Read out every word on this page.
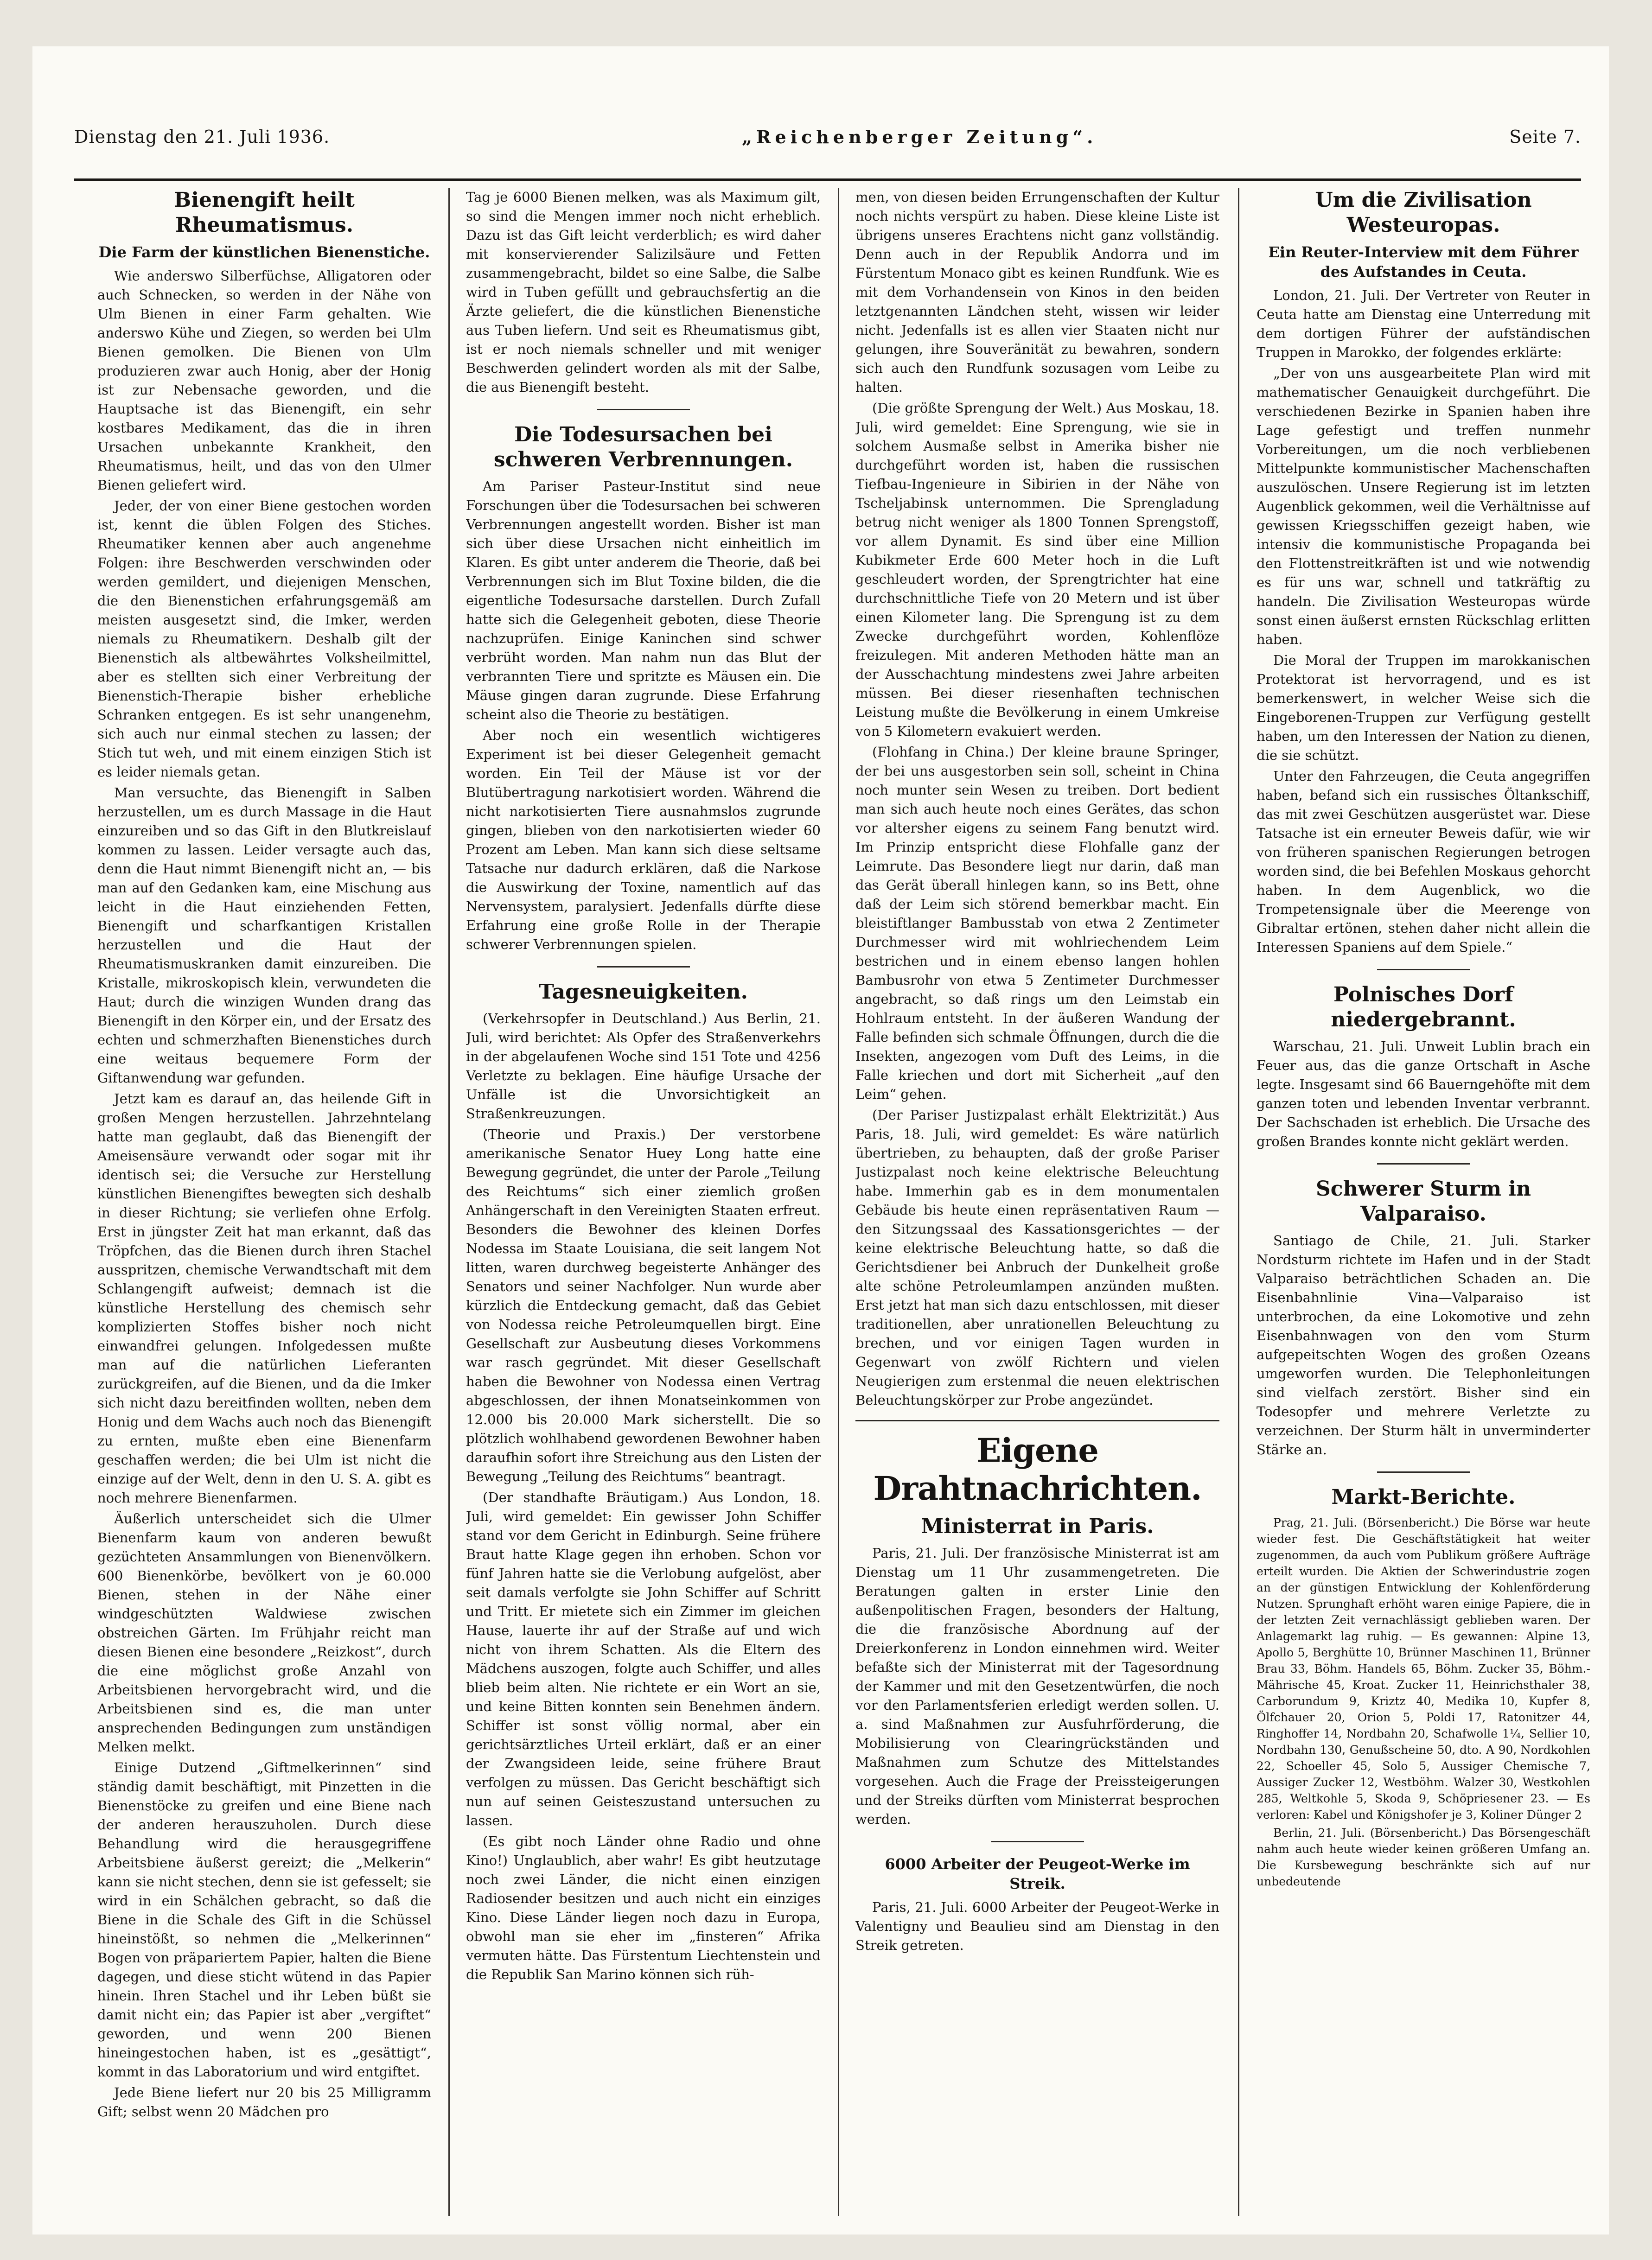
Dienstag den 21. Juli 1936.	„Reichenberger Zeitung“.	Seite 7.
Bienengift heilt Rheumatismus.
Die Farm der künstlichen Bienenstiche.

Wie anderswo Silberfüchse, Alligatoren oder auch Schnecken, so werden in der Nähe von Ulm Bienen in einer Farm gehalten. Wie anderswo Kühe und Ziegen, so werden bei Ulm Bienen gemolken. Die Bienen von Ulm produzieren zwar auch Honig, aber der Honig ist zur Nebensache geworden, und die Hauptsache ist das Bienengift, ein sehr kostbares Medikament, das die in ihren Ursachen unbekannte Krankheit, den Rheumatismus, heilt, und das von den Ulmer Bienen geliefert wird.

Jeder, der von einer Biene gestochen worden ist, kennt die üblen Folgen des Stiches. Rheumatiker kennen aber auch angenehme Folgen: ihre Beschwerden verschwinden oder werden gemildert, und diejenigen Menschen, die den Bienenstichen erfahrungsgemäß am meisten ausgesetzt sind, die Imker, werden niemals zu Rheumatikern. Deshalb gilt der Bienenstich als altbewährtes Volksheilmittel, aber es stellten sich einer Verbreitung der Bienenstich-Therapie bisher erhebliche Schranken entgegen. Es ist sehr unangenehm, sich auch nur einmal stechen zu lassen; der Stich tut weh, und mit einem einzigen Stich ist es leider niemals getan.

Man versuchte, das Bienengift in Salben herzustellen, um es durch Massage in die Haut einzureiben und so das Gift in den Blutkreislauf kommen zu lassen. Leider versagte auch das, denn die Haut nimmt Bienengift nicht an, — bis man auf den Gedanken kam, eine Mischung aus leicht in die Haut einziehenden Fetten, Bienengift und scharfkantigen Kristallen herzustellen und die Haut der Rheumatismuskranken damit einzureiben. Die Kristalle, mikroskopisch klein, verwundeten die Haut; durch die winzigen Wunden drang das Bienengift in den Körper ein, und der Ersatz des echten und schmerzhaften Bienenstiches durch eine weitaus bequemere Form der Giftanwendung war gefunden.

Jetzt kam es darauf an, das heilende Gift in großen Mengen herzustellen. Jahrzehntelang hatte man geglaubt, daß das Bienengift der Ameisensäure verwandt oder sogar mit ihr identisch sei; die Versuche zur Herstellung künstlichen Bienengiftes bewegten sich deshalb in dieser Richtung; sie verliefen ohne Erfolg. Erst in jüngster Zeit hat man erkannt, daß das Tröpfchen, das die Bienen durch ihren Stachel ausspritzen, chemische Verwandtschaft mit dem Schlangengift aufweist; demnach ist die künstliche Herstellung des chemisch sehr komplizierten Stoffes bisher noch nicht einwandfrei gelungen. Infolgedessen mußte man auf die natürlichen Lieferanten zurückgreifen, auf die Bienen, und da die Imker sich nicht dazu bereitfinden wollten, neben dem Honig und dem Wachs auch noch das Bienengift zu ernten, mußte eben eine Bienenfarm geschaffen werden; die bei Ulm ist nicht die einzige auf der Welt, denn in den U. S. A. gibt es noch mehrere Bienenfarmen.

Äußerlich unterscheidet sich die Ulmer Bienenfarm kaum von anderen bewußt gezüchteten Ansammlungen von Bienenvölkern. 600 Bienenkörbe, bevölkert von je 60.000 Bienen, stehen in der Nähe einer windgeschützten Waldwiese zwischen obstreichen Gärten. Im Frühjahr reicht man diesen Bienen eine besondere „Reizkost“, durch die eine möglichst große Anzahl von Arbeitsbienen hervorgebracht wird, und die Arbeitsbienen sind es, die man unter ansprechenden Bedingungen zum unständigen Melken melkt.

Einige Dutzend „Giftmelkerinnen“ sind ständig damit beschäftigt, mit Pinzetten in die Bienenstöcke zu greifen und eine Biene nach der anderen herauszuholen. Durch diese Behandlung wird die herausgegriffene Arbeitsbiene äußerst gereizt; die „Melkerin“ kann sie nicht stechen, denn sie ist gefesselt; sie wird in ein Schälchen gebracht, so daß die Biene in die Schale des Gift in die Schüssel hineinstößt, so nehmen die „Melkerinnen“ Bogen von präpariertem Papier, halten die Biene dagegen, und diese sticht wütend in das Papier hinein. Ihren Stachel und ihr Leben büßt sie damit nicht ein; das Papier ist aber „vergiftet“ geworden, und wenn 200 Bienen hineingestochen haben, ist es „gesättigt“, kommt in das Laboratorium und wird entgiftet.

Jede Biene liefert nur 20 bis 25 Milligramm Gift; selbst wenn 20 Mädchen pro

Tag je 6000 Bienen melken, was als Maximum gilt, so sind die Mengen immer noch nicht erheblich. Dazu ist das Gift leicht verderblich; es wird daher mit konservierender Salizilsäure und Fetten zusammengebracht, bildet so eine Salbe, die Salbe wird in Tuben gefüllt und gebrauchsfertig an die Ärzte geliefert, die die künstlichen Bienenstiche aus Tuben liefern. Und seit es Rheumatismus gibt, ist er noch niemals schneller und mit weniger Beschwerden gelindert worden als mit der Salbe, die aus Bienengift besteht.

Die Todesursachen bei schweren Verbrennungen.

Am Pariser Pasteur-Institut sind neue Forschungen über die Todesursachen bei schweren Verbrennungen angestellt worden. Bisher ist man sich über diese Ursachen nicht einheitlich im Klaren. Es gibt unter anderem die Theorie, daß bei Verbrennungen sich im Blut Toxine bilden, die die eigentliche Todesursache darstellen. Durch Zufall hatte sich die Gelegenheit geboten, diese Theorie nachzuprüfen. Einige Kaninchen sind schwer verbrüht worden. Man nahm nun das Blut der verbrannten Tiere und spritzte es Mäusen ein. Die Mäuse gingen daran zugrunde. Diese Erfahrung scheint also die Theorie zu bestätigen.

Aber noch ein wesentlich wichtigeres Experiment ist bei dieser Gelegenheit gemacht worden. Ein Teil der Mäuse ist vor der Blutübertragung narkotisiert worden. Während die nicht narkotisierten Tiere ausnahmslos zugrunde gingen, blieben von den narkotisierten wieder 60 Prozent am Leben. Man kann sich diese seltsame Tatsache nur dadurch erklären, daß die Narkose die Auswirkung der Toxine, namentlich auf das Nervensystem, paralysiert. Jedenfalls dürfte diese Erfahrung eine große Rolle in der Therapie schwerer Verbrennungen spielen.

Tagesneuigkeiten.

(Verkehrsopfer in Deutschland.) Aus Berlin, 21. Juli, wird berichtet: Als Opfer des Straßenverkehrs in der abgelaufenen Woche sind 151 Tote und 4256 Verletzte zu beklagen. Eine häufige Ursache der Unfälle ist die Unvorsichtigkeit an Straßenkreuzungen.

(Theorie und Praxis.) Der verstorbene amerikanische Senator Huey Long hatte eine Bewegung gegründet, die unter der Parole „Teilung des Reichtums“ sich einer ziemlich großen Anhängerschaft in den Vereinigten Staaten erfreut. Besonders die Bewohner des kleinen Dorfes Nodessa im Staate Louisiana, die seit langem Not litten, waren durchweg begeisterte Anhänger des Senators und seiner Nachfolger. Nun wurde aber kürzlich die Entdeckung gemacht, daß das Gebiet von Nodessa reiche Petroleumquellen birgt. Eine Gesellschaft zur Ausbeutung dieses Vorkommens war rasch gegründet. Mit dieser Gesellschaft haben die Bewohner von Nodessa einen Vertrag abgeschlossen, der ihnen Monatseinkommen von 12.000 bis 20.000 Mark sicherstellt. Die so plötzlich wohlhabend gewordenen Bewohner haben daraufhin sofort ihre Streichung aus den Listen der Bewegung „Teilung des Reichtums“ beantragt.

(Der standhafte Bräutigam.) Aus London, 18. Juli, wird gemeldet: Ein gewisser John Schiffer stand vor dem Gericht in Edinburgh. Seine frühere Braut hatte Klage gegen ihn erhoben. Schon vor fünf Jahren hatte sie die Verlobung aufgelöst, aber seit damals verfolgte sie John Schiffer auf Schritt und Tritt. Er mietete sich ein Zimmer im gleichen Hause, lauerte ihr auf der Straße auf und wich nicht von ihrem Schatten. Als die Eltern des Mädchens auszogen, folgte auch Schiffer, und alles blieb beim alten. Nie richtete er ein Wort an sie, und keine Bitten konnten sein Benehmen ändern. Schiffer ist sonst völlig normal, aber ein gerichtsärztliches Urteil erklärt, daß er an einer der Zwangsideen leide, seine frühere Braut verfolgen zu müssen. Das Gericht beschäftigt sich nun auf seinen Geisteszustand untersuchen zu lassen.

(Es gibt noch Länder ohne Radio und ohne Kino!) Unglaublich, aber wahr! Es gibt heutzutage noch zwei Länder, die nicht einen einzigen Radiosender besitzen und auch nicht ein einziges Kino. Diese Länder liegen noch dazu in Europa, obwohl man sie eher im „finsteren“ Afrika vermuten hätte. Das Fürstentum Liechtenstein und die Republik San Marino können sich rüh-

men, von diesen beiden Errungenschaften der Kultur noch nichts verspürt zu haben. Diese kleine Liste ist übrigens unseres Erachtens nicht ganz vollständig. Denn auch in der Republik Andorra und im Fürstentum Monaco gibt es keinen Rundfunk. Wie es mit dem Vorhandensein von Kinos in den beiden letztgenannten Ländchen steht, wissen wir leider nicht. Jedenfalls ist es allen vier Staaten nicht nur gelungen, ihre Souveränität zu bewahren, sondern sich auch den Rundfunk sozusagen vom Leibe zu halten.

(Die größte Sprengung der Welt.) Aus Moskau, 18. Juli, wird gemeldet: Eine Sprengung, wie sie in solchem Ausmaße selbst in Amerika bisher nie durchgeführt worden ist, haben die russischen Tiefbau-Ingenieure in Sibirien in der Nähe von Tscheljabinsk unternommen. Die Sprengladung betrug nicht weniger als 1800 Tonnen Sprengstoff, vor allem Dynamit. Es sind über eine Million Kubikmeter Erde 600 Meter hoch in die Luft geschleudert worden, der Sprengtrichter hat eine durchschnittliche Tiefe von 20 Metern und ist über einen Kilometer lang. Die Sprengung ist zu dem Zwecke durchgeführt worden, Kohlenflöze freizulegen. Mit anderen Methoden hätte man an der Ausschachtung mindestens zwei Jahre arbeiten müssen. Bei dieser riesenhaften technischen Leistung mußte die Bevölkerung in einem Umkreise von 5 Kilometern evakuiert werden.

(Flohfang in China.) Der kleine braune Springer, der bei uns ausgestorben sein soll, scheint in China noch munter sein Wesen zu treiben. Dort bedient man sich auch heute noch eines Gerätes, das schon vor altersher eigens zu seinem Fang benutzt wird. Im Prinzip entspricht diese Flohfalle ganz der Leimrute. Das Besondere liegt nur darin, daß man das Gerät überall hinlegen kann, so ins Bett, ohne daß der Leim sich störend bemerkbar macht. Ein bleistiftlanger Bambusstab von etwa 2 Zentimeter Durchmesser wird mit wohlriechendem Leim bestrichen und in einem ebenso langen hohlen Bambusrohr von etwa 5 Zentimeter Durchmesser angebracht, so daß rings um den Leimstab ein Hohlraum entsteht. In der äußeren Wandung der Falle befinden sich schmale Öffnungen, durch die die Insekten, angezogen vom Duft des Leims, in die Falle kriechen und dort mit Sicherheit „auf den Leim“ gehen.

(Der Pariser Justizpalast erhält Elektrizität.) Aus Paris, 18. Juli, wird gemeldet: Es wäre natürlich übertrieben, zu behaupten, daß der große Pariser Justizpalast noch keine elektrische Beleuchtung habe. Immerhin gab es in dem monumentalen Gebäude bis heute einen repräsentativen Raum — den Sitzungssaal des Kassationsgerichtes — der keine elektrische Beleuchtung hatte, so daß die Gerichtsdiener bei Anbruch der Dunkelheit große alte schöne Petroleumlampen anzünden mußten. Erst jetzt hat man sich dazu entschlossen, mit dieser traditionellen, aber unrationellen Beleuchtung zu brechen, und vor einigen Tagen wurden in Gegenwart von zwölf Richtern und vielen Neugierigen zum erstenmal die neuen elektrischen Beleuchtungskörper zur Probe angezündet.

Eigene Drahtnachrichten.
Ministerrat in Paris.

Paris, 21. Juli. Der französische Ministerrat ist am Dienstag um 11 Uhr zusammengetreten. Die Beratungen galten in erster Linie den außenpolitischen Fragen, besonders der Haltung, die die französische Abordnung auf der Dreierkonferenz in London einnehmen wird. Weiter befaßte sich der Ministerrat mit der Tagesordnung der Kammer und mit den Gesetzentwürfen, die noch vor den Parlamentsferien erledigt werden sollen. U. a. sind Maßnahmen zur Ausfuhrförderung, die Mobilisierung von Clearingrückständen und Maßnahmen zum Schutze des Mittelstandes vorgesehen. Auch die Frage der Preissteigerungen und der Streiks dürften vom Ministerrat besprochen werden.

6000 Arbeiter der Peugeot-Werke im Streik.

Paris, 21. Juli. 6000 Arbeiter der Peugeot-Werke in Valentigny und Beaulieu sind am Dienstag in den Streik getreten.

Um die Zivilisation Westeuropas.
Ein Reuter-Interview mit dem Führer des Aufstandes in Ceuta.

London, 21. Juli. Der Vertreter von Reuter in Ceuta hatte am Dienstag eine Unterredung mit dem dortigen Führer der aufständischen Truppen in Marokko, der folgendes erklärte:

„Der von uns ausgearbeitete Plan wird mit mathematischer Genauigkeit durchgeführt. Die verschiedenen Bezirke in Spanien haben ihre Lage gefestigt und treffen nunmehr Vorbereitungen, um die noch verbliebenen Mittelpunkte kommunistischer Machenschaften auszulöschen. Unsere Regierung ist im letzten Augenblick gekommen, weil die Verhältnisse auf gewissen Kriegsschiffen gezeigt haben, wie intensiv die kommunistische Propaganda bei den Flottenstreitkräften ist und wie notwendig es für uns war, schnell und tatkräftig zu handeln. Die Zivilisation Westeuropas würde sonst einen äußerst ernsten Rückschlag erlitten haben.

Die Moral der Truppen im marokkanischen Protektorat ist hervorragend, und es ist bemerkenswert, in welcher Weise sich die Eingeborenen-Truppen zur Verfügung gestellt haben, um den Interessen der Nation zu dienen, die sie schützt.

Unter den Fahrzeugen, die Ceuta angegriffen haben, befand sich ein russisches Öltankschiff, das mit zwei Geschützen ausgerüstet war. Diese Tatsache ist ein erneuter Beweis dafür, wie wir von früheren spanischen Regierungen betrogen worden sind, die bei Befehlen Moskaus gehorcht haben. In dem Augenblick, wo die Trompetensignale über die Meerenge von Gibraltar ertönen, stehen daher nicht allein die Interessen Spaniens auf dem Spiele.“

Polnisches Dorf niedergebrannt.

Warschau, 21. Juli. Unweit Lublin brach ein Feuer aus, das die ganze Ortschaft in Asche legte. Insgesamt sind 66 Bauerngehöfte mit dem ganzen toten und lebenden Inventar verbrannt. Der Sachschaden ist erheblich. Die Ursache des großen Brandes konnte nicht geklärt werden.

Schwerer Sturm in Valparaiso.

Santiago de Chile, 21. Juli. Starker Nordsturm richtete im Hafen und in der Stadt Valparaiso beträchtlichen Schaden an. Die Eisenbahnlinie Vina—Valparaiso ist unterbrochen, da eine Lokomotive und zehn Eisenbahnwagen von den vom Sturm aufgepeitschten Wogen des großen Ozeans umgeworfen wurden. Die Telephonleitungen sind vielfach zerstört. Bisher sind ein Todesopfer und mehrere Verletzte zu verzeichnen. Der Sturm hält in unverminderter Stärke an.

Markt-Berichte.

Prag, 21. Juli. (Börsenbericht.) Die Börse war heute wieder fest. Die Geschäftstätigkeit hat weiter zugenommen, da auch vom Publikum größere Aufträge erteilt wurden. Die Aktien der Schwerindustrie zogen an der günstigen Entwicklung der Kohlenförderung Nutzen. Sprunghaft erhöht waren einige Papiere, die in der letzten Zeit vernachlässigt geblieben waren. Der Anlagemarkt lag ruhig. — Es gewannen: Alpine 13, Apollo 5, Berghütte 10, Brünner Maschinen 11, Brünner Brau 33, Böhm. Handels 65, Böhm. Zucker 35, Böhm.-Mährische 45, Kroat. Zucker 11, Heinrichsthaler 38, Carborundum 9, Kriztz 40, Medika 10, Kupfer 8, Ölfchauer 20, Orion 5, Poldi 17, Ratonitzer 44, Ringhoffer 14, Nordbahn 20, Schafwolle 1¼, Sellier 10, Nordbahn 130, Genußscheine 50, dto. A 90, Nordkohlen 22, Schoeller 45, Solo 5, Aussiger Chemische 7, Aussiger Zucker 12, Westböhm. Walzer 30, Westkohlen 285, Weltkohle 5, Skoda 9, Schöpriesener 23. — Es verloren: Kabel und Königshofer je 3, Koliner Dünger 2

Berlin, 21. Juli. (Börsenbericht.) Das Börsengeschäft nahm auch heute wieder keinen größeren Umfang an. Die Kursbewegung beschränkte sich auf nur unbedeutende
